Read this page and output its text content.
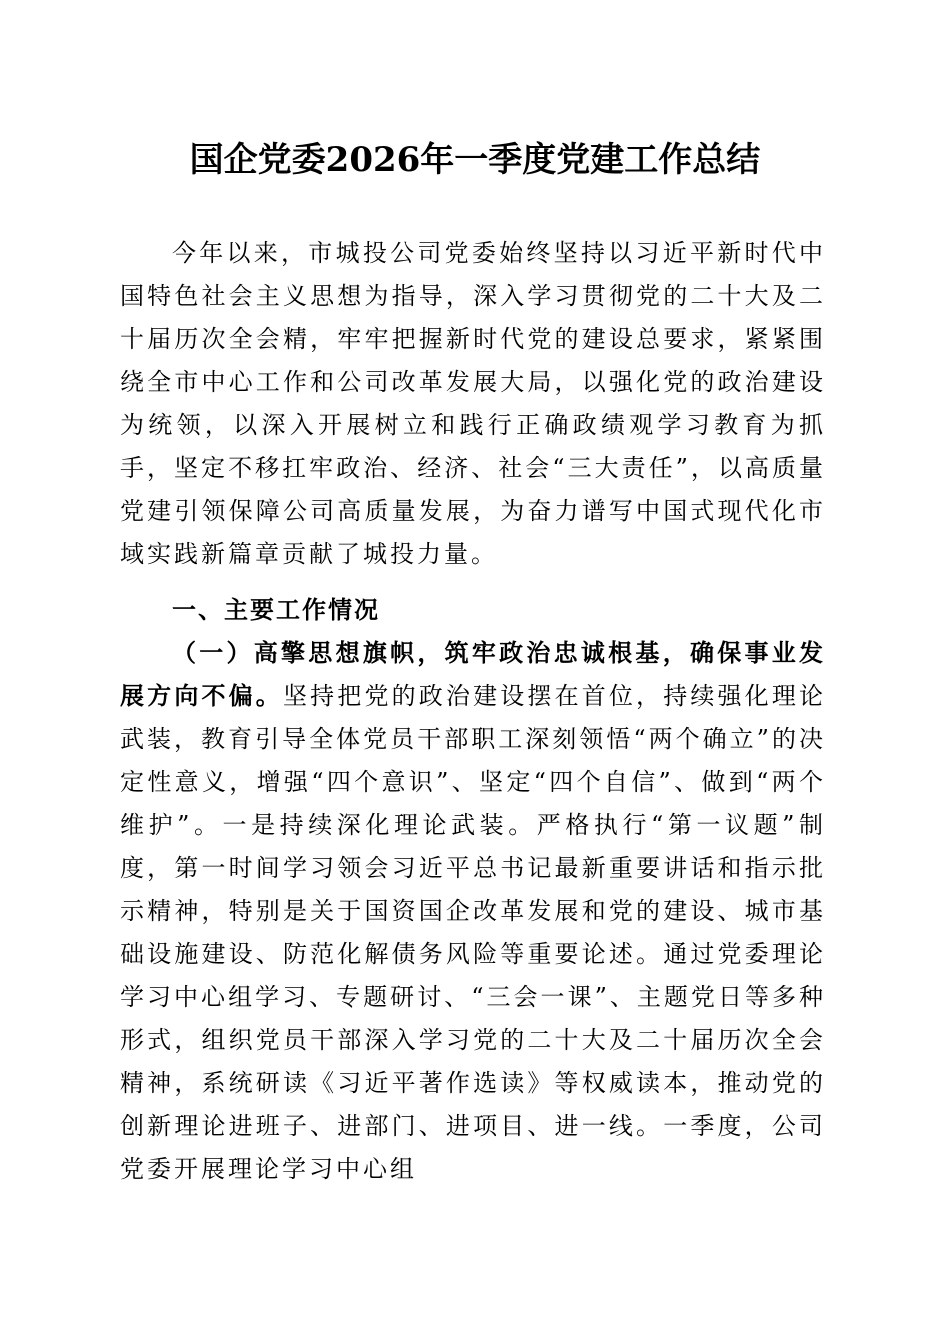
国企党委2026年一季度党建工作总结

今年以来，市城投公司党委始终坚持以习近平新时代中国特色社会主义思想为指导，深入学习贯彻党的二十大及二十届历次全会精，牢牢把握新时代党的建设总要求，紧紧围绕全市中心工作和公司改革发展大局，以强化党的政治建设为统领，以深入开展树立和践行正确政绩观学习教育为抓手，坚定不移扛牢政治、经济、社会“三大责任”，以高质量党建引领保障公司高质量发展，为奋力谱写中国式现代化市域实践新篇章贡献了城投力量。

一、主要工作情况

（一）高擎思想旗帜，筑牢政治忠诚根基，确保事业发展方向不偏。坚持把党的政治建设摆在首位，持续强化理论武装，教育引导全体党员干部职工深刻领悟“两个确立”的决定性意义，增强“四个意识”、坚定“四个自信”、做到“两个维护”。一是持续深化理论武装。严格执行“第一议题”制度，第一时间学习领会习近平总书记最新重要讲话和指示批示精神，特别是关于国资国企改革发展和党的建设、城市基础设施建设、防范化解债务风险等重要论述。通过党委理论学习中心组学习、专题研讨、“三会一课”、主题党日等多种形式，组织党员干部深入学习党的二十大及二十届历次全会精神，系统研读《习近平著作选读》等权威读本，推动党的创新理论进班子、进部门、进项目、进一线。一季度，公司党委开展理论学习中心组
